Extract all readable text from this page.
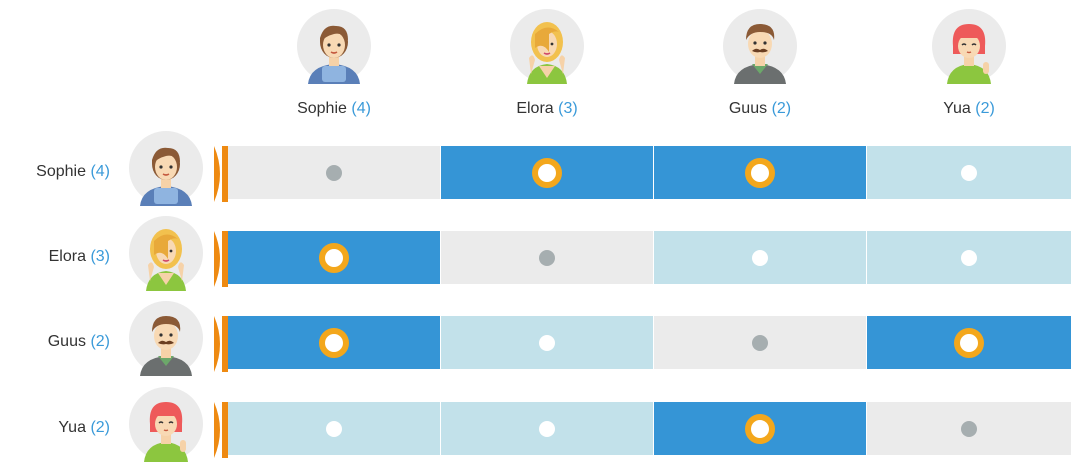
Sophie (4)	Elora (3)	Guus (2)	Yua (2)
Sophie (4)
Elora (3)
Guus (2)
Yua (2)
